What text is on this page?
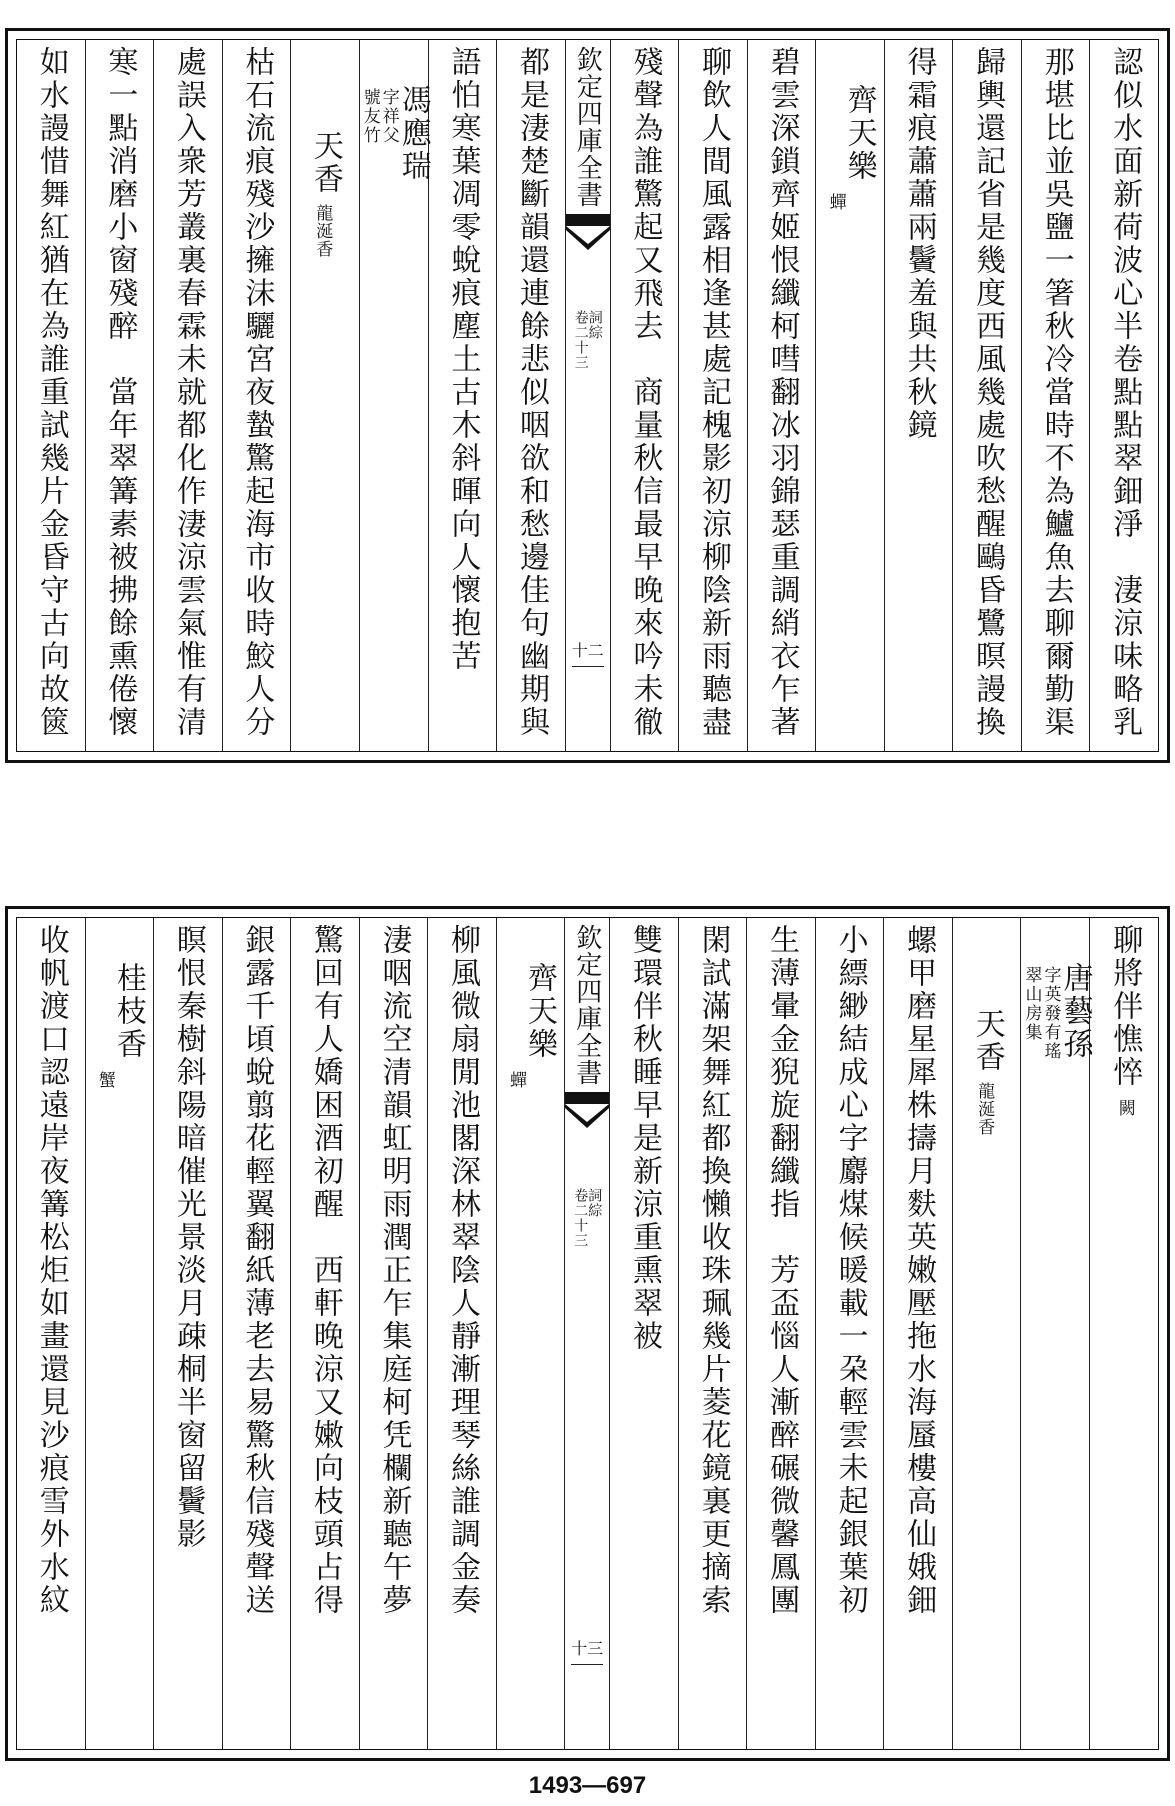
認似水面新荷波心半卷點點翠鈿淨　淒涼味略乳
那堪比並吳鹽一箸秋冷當時不為鱸魚去聊爾勤渠
歸輿還記省是幾度西風幾處吹愁醒鷗昏鷺暝謾換
得霜痕蕭蕭兩鬢羞與共秋鏡
齊天樂
蟬
碧雲深鎖齊姬恨纖柯嘒翻冰羽錦瑟重調綃衣乍著
聊飲人間風露相逢甚處記槐影初涼柳陰新雨聽盡
殘聲為誰驚起又飛去　商量秋信最早晚來吟未徹
欽定四庫全書
詞綜
卷二十三
十二
都是淒楚斷韻還連餘悲似咽欲和愁邊佳句幽期與
語怕寒葉凋零蛻痕塵土古木斜暉向人懷抱苦
馮應瑞
字祥父
號友竹
天香
龍涎香
枯石流痕殘沙擁沫驪宮夜蟄驚起海市收時鮫人分
處誤入衆芳叢裏春霖未就都化作淒涼雲氣惟有清
寒一點消磨小窗殘醉　當年翠篝素被拂餘熏倦懷
如水謾惜舞紅猶在為誰重試幾片金昏守古向故篋
聊將伴憔悴
闕
唐藝孫
字英發有瑤
翠山房集
天香
龍涎香
螺甲磨星犀株擣月麩英嫩壓拖水海蜃樓高仙娥鈿
小縹緲結成心字麝煤候暖載一朶輕雲未起銀葉初
生薄暈金猊旋翻纖指　芳盃惱人漸醉碾微馨鳳團
閑試滿架舞紅都換懶收珠珮幾片菱花鏡裏更摘索
雙環伴秋睡早是新涼重熏翠被
欽定四庫全書
詞綜
卷二十三
十三
齊天樂
蟬
柳風微扇閒池閣深林翠陰人靜漸理琴絲誰調金奏
淒咽流空清韻虹明雨潤正乍集庭柯凭欄新聽午夢
驚回有人嬌困酒初醒　西軒晚涼又嫩向枝頭占得
銀露千頃蛻翦花輕翼翻紙薄老去易驚秋信殘聲送
瞑恨秦樹斜陽暗催光景淡月疎桐半窗留鬢影
桂枝香
蟹
收帆渡口認遠岸夜篝松炬如畫還見沙痕雪外水紋
1493—697
